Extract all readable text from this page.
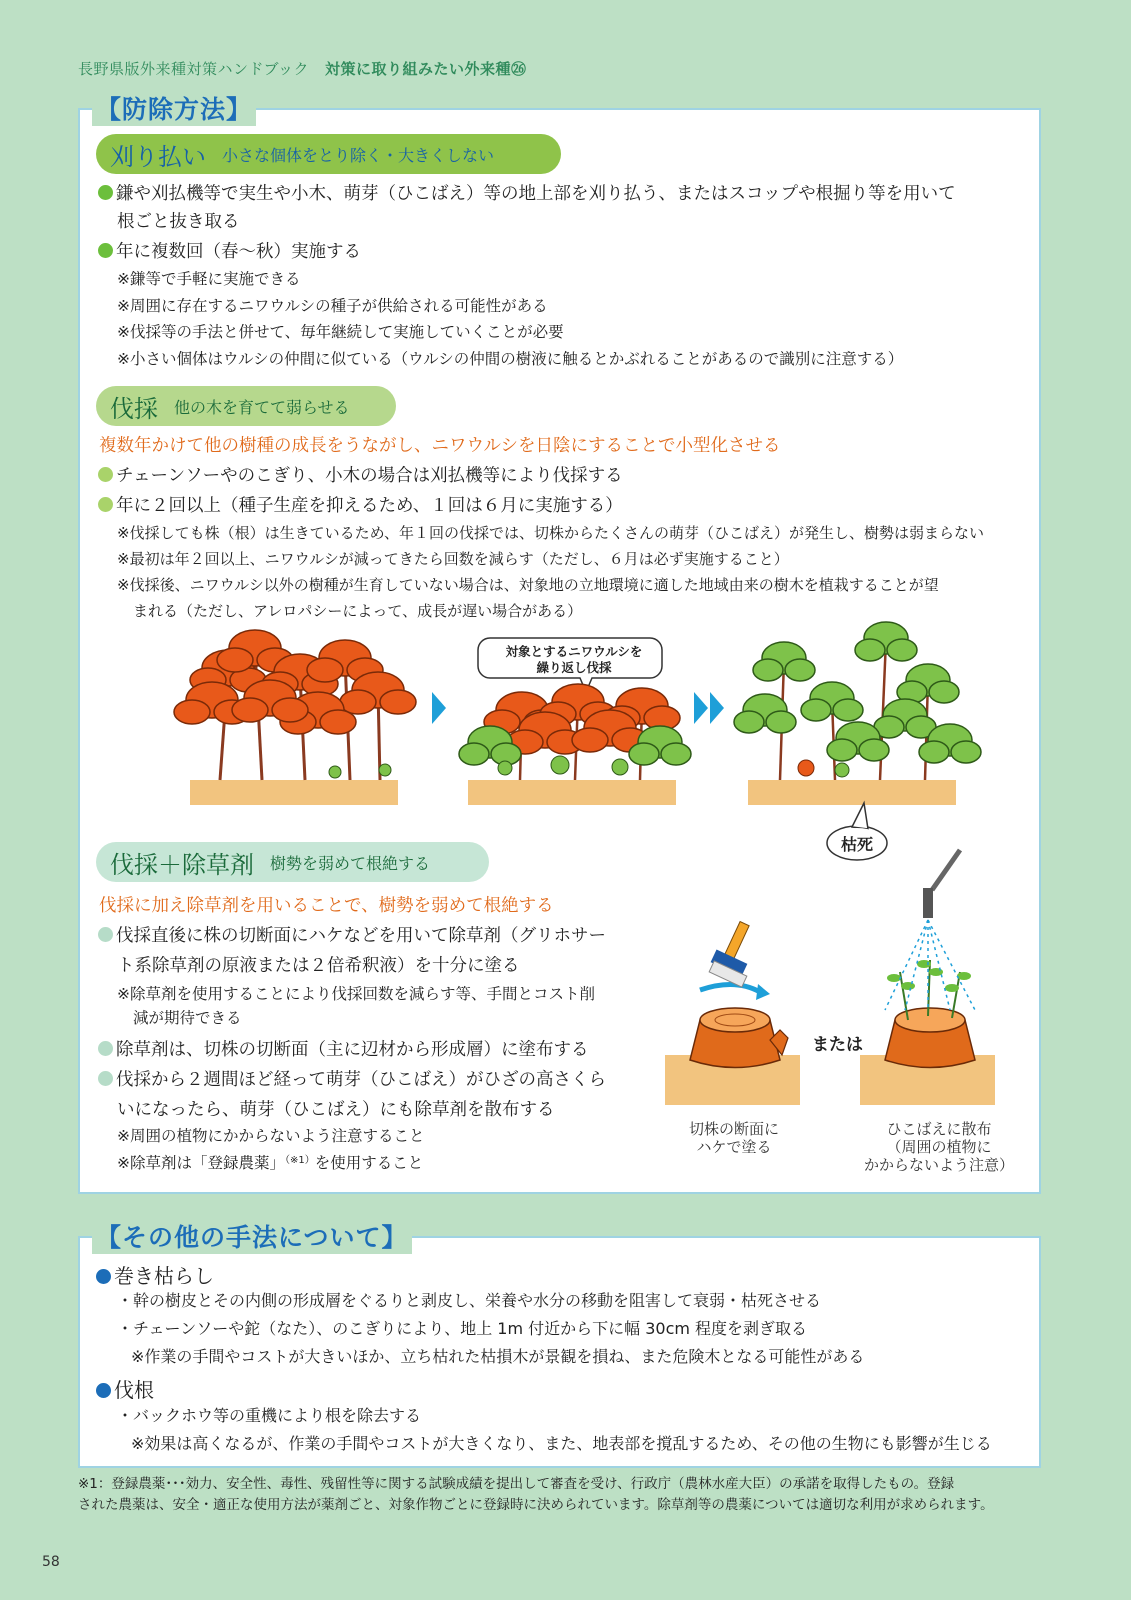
長野県版外来種対策ハンドブック 対策に取り組みたい外来種㉖
【防除方法】
刈り払い 小さな個体をとり除く・大きくしない
鎌や刈払機等で実生や小木、萌芽（ひこばえ）等の地上部を刈り払う、またはスコップや根掘り等を用いて
根ごと抜き取る
年に複数回（春〜秋）実施する
※鎌等で手軽に実施できる
※周囲に存在するニワウルシの種子が供給される可能性がある
※伐採等の手法と併せて、毎年継続して実施していくことが必要
※小さい個体はウルシの仲間に似ている（ウルシの仲間の樹液に触るとかぶれることがあるので識別に注意する）
伐採 他の木を育てて弱らせる
複数年かけて他の樹種の成長をうながし、ニワウルシを日陰にすることで小型化させる
チェーンソーやのこぎり、小木の場合は刈払機等により伐採する
年に２回以上（種子生産を抑えるため、１回は６月に実施する）
※伐採しても株（根）は生きているため、年１回の伐採では、切株からたくさんの萌芽（ひこばえ）が発生し、樹勢は弱まらない
※最初は年２回以上、ニワウルシが減ってきたら回数を減らす（ただし、６月は必ず実施すること）
※伐採後、ニワウルシ以外の樹種が生育していない場合は、対象地の立地環境に適した地域由来の樹木を植栽することが望
まれる（ただし、アレロパシーによって、成長が遅い場合がある）
対象とするニワウルシを
繰り返し伐採
枯死
伐採＋除草剤 樹勢を弱めて根絶する
伐採に加え除草剤を用いることで、樹勢を弱めて根絶する
伐採直後に株の切断面にハケなどを用いて除草剤（グリホサー
ト系除草剤の原液または２倍希釈液）を十分に塗る
※除草剤を使用することにより伐採回数を減らす等、手間とコスト削
減が期待できる
除草剤は、切株の切断面（主に辺材から形成層）に塗布する
伐採から２週間ほど経って萌芽（ひこばえ）がひざの高さくら
いになったら、萌芽（ひこばえ）にも除草剤を散布する
※周囲の植物にかからないよう注意すること
※除草剤は「登録農薬」$^{(※1)}$を使用すること
または
切株の断面に
ハケで塗る
ひこばえに散布
（周囲の植物に
かからないよう注意）
【その他の手法について】
巻き枯らし
・幹の樹皮とその内側の形成層をぐるりと剥皮し、栄養や水分の移動を阻害して衰弱・枯死させる
・チェーンソーや鉈（なた）、のこぎりにより、地上 1m 付近から下に幅 30cm 程度を剥ぎ取る
※作業の手間やコストが大きいほか、立ち枯れた枯損木が景観を損ね、また危険木となる可能性がある
伐根
・バックホウ等の重機により根を除去する
※効果は高くなるが、作業の手間やコストが大きくなり、また、地表部を撹乱するため、その他の生物にも影響が生じる
※1：登録農薬･･･効力、安全性、毒性、残留性等に関する試験成績を提出して審査を受け、行政庁（農林水産大臣）の承諾を取得したもの。登録
された農薬は、安全・適正な使用方法が薬剤ごと、対象作物ごとに登録時に決められています。除草剤等の農薬については適切な利用が求められます。
58
